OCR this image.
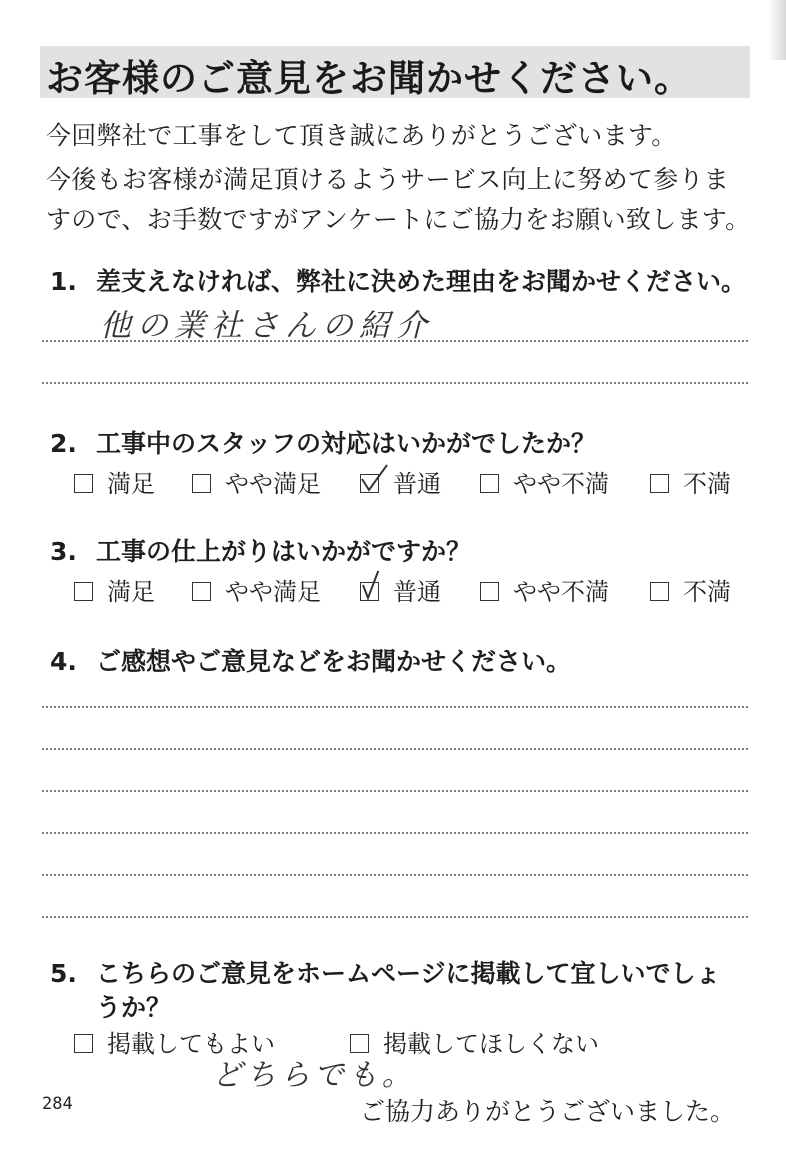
お客様のご意見をお聞かせください。
今回弊社で工事をして頂き誠にありがとうございます。
今後もお客様が満足頂けるようサービス向上に努めて参りま
すので、お手数ですがアンケートにご協力をお願い致します。
1. 差支えなければ、弊社に決めた理由をお聞かせください。
他の業社さんの紹介
2. 工事中のスタッフの対応はいかがでしたか？
満足	やや満足	普通	やや不満	不満
3. 工事の仕上がりはいかがですか？
満足	やや満足	普通	やや不満	不満
4. ご感想やご意見などをお聞かせください。
5. こちらのご意見をホームページに掲載して宜しいでしょ
うか？
掲載してもよい	掲載してほしくない
どちらでも。
284	ご協力ありがとうございました。
